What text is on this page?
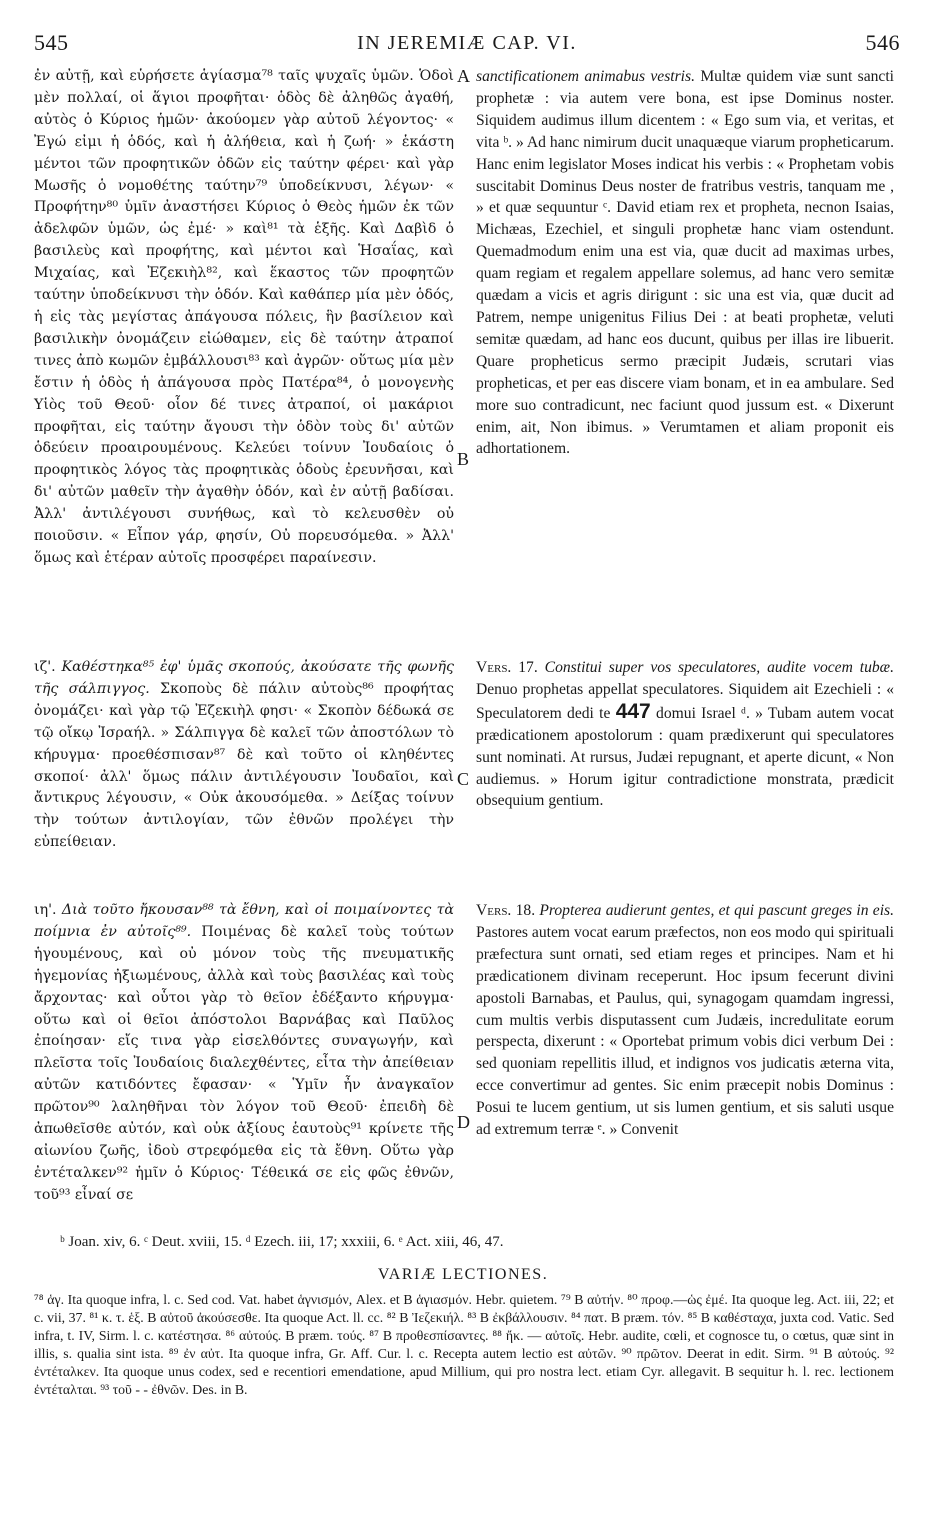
545	IN JEREMIÆ CAP. VI.	546
A
B
C
D

ἐν αὐτῇ, καὶ εὑρήσετε ἁγίασμα⁷⁸ ταῖς ψυχαῖς ὑμῶν. Ὁδοὶ μὲν πολλαί, οἱ ἅγιοι προφῆται· ὁδὸς δὲ ἀληθῶς ἀγαθή, αὐτὸς ὁ Κύριος ἡμῶν· ἀκούομεν γὰρ αὐτοῦ λέγοντος· « Ἐγώ εἰμι ἡ ὁδός, καὶ ἡ ἀλήθεια, καὶ ἡ ζωή· » ἑκάστη μέντοι τῶν προφητικῶν ὁδῶν εἰς ταύτην φέρει· καὶ γὰρ Μωσῆς ὁ νομοθέτης ταύτην⁷⁹ ὑποδείκνυσι, λέγων· « Προφήτην⁸⁰ ὑμῖν ἀναστήσει Κύριος ὁ Θεὸς ἡμῶν ἐκ τῶν ἀδελφῶν ὑμῶν, ὡς ἐμέ· » καὶ⁸¹ τὰ ἑξῆς. Καὶ Δαβὶδ ὁ βασιλεὺς καὶ προφήτης, καὶ μέντοι καὶ Ἡσαΐας, καὶ Μιχαίας, καὶ Ἐζεκιὴλ⁸², καὶ ἕκαστος τῶν προφητῶν ταύτην ὑποδείκνυσι τὴν ὁδόν. Καὶ καθάπερ μία μὲν ὁδός, ἡ εἰς τὰς μεγίστας ἀπάγουσα πόλεις, ἣν βασίλειον καὶ βασιλικὴν ὀνομάζειν εἰώθαμεν, εἰς δὲ ταύτην ἀτραποί τινες ἀπὸ κωμῶν ἐμβάλλουσι⁸³ καὶ ἀγρῶν· οὕτως μία μὲν ἔστιν ἡ ὁδὸς ἡ ἀπάγουσα πρὸς Πατέρα⁸⁴, ὁ μονογενὴς Υἱὸς τοῦ Θεοῦ· οἷον δέ τινες ἀτραποί, οἱ μακάριοι προφῆται, εἰς ταύτην ἄγουσι τὴν ὁδὸν τοὺς δι' αὐτῶν ὁδεύειν προαιρουμένους. Κελεύει τοίνυν Ἰουδαίοις ὁ προφητικὸς λόγος τὰς προφητικὰς ὁδοὺς ἐρευνῆσαι, καὶ δι' αὐτῶν μαθεῖν τὴν ἀγαθὴν ὁδόν, καὶ ἐν αὐτῇ βαδίσαι. Ἀλλ' ἀντιλέγουσι συνήθως, καὶ τὸ κελευσθὲν οὐ ποιοῦσιν. « Εἶπον γάρ, φησίν, Οὐ πορευσόμεθα. » Ἀλλ' ὅμως καὶ ἑτέραν αὐτοῖς προσφέρει παραίνεσιν.

ιζ'. Καθέστηκα⁸⁵ ἐφ' ὑμᾶς σκοπούς, ἀκούσατε τῆς φωνῆς τῆς σάλπιγγος. Σκοποὺς δὲ πάλιν αὐτοὺς⁸⁶ προφήτας ὀνομάζει· καὶ γὰρ τῷ Ἐζεκιὴλ φησι· « Σκοπὸν δέδωκά σε τῷ οἴκῳ Ἰσραήλ. » Σάλπιγγα δὲ καλεῖ τῶν ἀποστόλων τὸ κήρυγμα· προεθέσπισαν⁸⁷ δὲ καὶ τοῦτο οἱ κληθέντες σκοποί· ἀλλ' ὅμως πάλιν ἀντιλέγουσιν Ἰουδαῖοι, καὶ ἄντικρυς λέγουσιν, « Οὐκ ἀκουσόμεθα. » Δείξας τοίνυν τὴν τούτων ἀντιλογίαν, τῶν ἐθνῶν προλέγει τὴν εὐπείθειαν.

ιη'. Διὰ τοῦτο ἤκουσαν⁸⁸ τὰ ἔθνη, καὶ οἱ ποιμαίνοντες τὰ ποίμνια ἐν αὐτοῖς⁸⁹. Ποιμένας δὲ καλεῖ τοὺς τούτων ἡγουμένους, καὶ οὐ μόνον τοὺς τῆς πνευματικῆς ἡγεμονίας ἠξιωμένους, ἀλλὰ καὶ τοὺς βασιλέας καὶ τοὺς ἄρχοντας· καὶ οὗτοι γὰρ τὸ θεῖον ἐδέξαντο κήρυγμα· οὕτω καὶ οἱ θεῖοι ἀπόστολοι Βαρνάβας καὶ Παῦλος ἐποίησαν· εἴς τινα γὰρ εἰσελθόντες συναγωγήν, καὶ πλεῖστα τοῖς Ἰουδαίοις διαλεχθέντες, εἶτα τὴν ἀπείθειαν αὐτῶν κατιδόντες ἔφασαν· « Ὑμῖν ἦν ἀναγκαῖον πρῶτον⁹⁰ λαληθῆναι τὸν λόγον τοῦ Θεοῦ· ἐπειδὴ δὲ ἀπωθεῖσθε αὐτόν, καὶ οὐκ ἀξίους ἑαυτοὺς⁹¹ κρίνετε τῆς αἰωνίου ζωῆς, ἰδοὺ στρεφόμεθα εἰς τὰ ἔθνη. Οὕτω γὰρ ἐντέταλκεν⁹² ἡμῖν ὁ Κύριος· Τέθεικά σε εἰς φῶς ἐθνῶν, τοῦ⁹³ εἶναί σε

sanctificationem animabus vestris. Multæ quidem viæ sunt sancti prophetæ : via autem vere bona, est ipse Dominus noster. Siquidem audimus illum dicentem : « Ego sum via, et veritas, et vita ᵇ. » Ad hanc nimirum ducit unaquæque viarum propheticarum. Hanc enim legislator Moses indicat his verbis : « Prophetam vobis suscitabit Dominus Deus noster de fratribus vestris, tanquam me , » et quæ sequuntur ᶜ. David etiam rex et propheta, necnon Isaias, Michæas, Ezechiel, et singuli prophetæ hanc viam ostendunt. Quemadmodum enim una est via, quæ ducit ad maximas urbes, quam regiam et regalem appellare solemus, ad hanc vero semitæ quædam a vicis et agris dirigunt : sic una est via, quæ ducit ad Patrem, nempe unigenitus Filius Dei : at beati prophetæ, veluti semitæ quædam, ad hanc eos ducunt, quibus per illas ire libuerit. Quare propheticus sermo præcipit Judæis, scrutari vias propheticas, et per eas discere viam bonam, et in ea ambulare. Sed more suo contradicunt, nec faciunt quod jussum est. « Dixerunt enim, ait, Non ibimus. » Verumtamen et aliam proponit eis adhortationem.

Vers. 17. Constitui super vos speculatores, audite vocem tubæ. Denuo prophetas appellat speculatores. Siquidem ait Ezechieli : « Speculatorem dedi te 447 domui Israel ᵈ. » Tubam autem vocat prædicationem apostolorum : quam prædixerunt qui speculatores sunt nominati. At rursus, Judæi repugnant, et aperte dicunt, « Non audiemus. » Horum igitur contradictione monstrata, prædicit obsequium gentium.

Vers. 18. Propterea audierunt gentes, et qui pascunt greges in eis. Pastores autem vocat earum præfectos, non eos modo qui spirituali præfectura sunt ornati, sed etiam reges et principes. Nam et hi prædicationem divinam receperunt. Hoc ipsum fecerunt divini apostoli Barnabas, et Paulus, qui, synagogam quamdam ingressi, cum multis verbis disputassent cum Judæis, incredulitate eorum perspecta, dixerunt : « Oportebat primum vobis dici verbum Dei : sed quoniam repellitis illud, et indignos vos judicatis æterna vita, ecce convertimur ad gentes. Sic enim præcepit nobis Dominus : Posui te lucem gentium, ut sis lumen gentium, et sis saluti usque ad extremum terræ ᵉ. » Convenit

ᵇ Joan. xiv, 6. ᶜ Deut. xviii, 15. ᵈ Ezech. iii, 17; xxxiii, 6. ᵉ Act. xiii, 46, 47.
VARIÆ LECTIONES.

⁷⁸ ἁγ. Ita quoque infra, l. c. Sed cod. Vat. habet ἁγνισμόν, Alex. et B ἁγιασμόν. Hebr. quietem. ⁷⁹ B αὐτήν. ⁸⁰ προφ.—ὡς ἐμέ. Ita quoque leg. Act. iii, 22; et c. vii, 37. ⁸¹ κ. τ. ἑξ. B αὐτοῦ ἀκούσεσθε. Ita quoque Act. ll. cc. ⁸² B Ἰεζεκιήλ. ⁸³ B ἐκβάλλουσιν. ⁸⁴ πατ. B præm. τόν. ⁸⁵ B καθέσταχα, juxta cod. Vatic. Sed infra, t. IV, Sirm. l. c. κατέστησα. ⁸⁶ αὐτούς. B præm. τούς. ⁸⁷ B προθεσπίσαντες. ⁸⁸ ἤκ. — αὐτοῖς. Hebr. audite, cœli, et cognosce tu, o cœtus, quæ sint in illis, s. qualia sint ista. ⁸⁹ ἐν αὐτ. Ita quoque infra, Gr. Aff. Cur. l. c. Recepta autem lectio est αὐτῶν. ⁹⁰ πρῶτον. Deerat in edit. Sirm. ⁹¹ B αὐτούς. ⁹² ἐντέταλκεν. Ita quoque unus codex, sed e recentiori emendatione, apud Millium, qui pro nostra lect. etiam Cyr. allegavit. B sequitur h. l. rec. lectionem ἐντέταλται. ⁹³ τοῦ - - ἐθνῶν. Des. in B.
